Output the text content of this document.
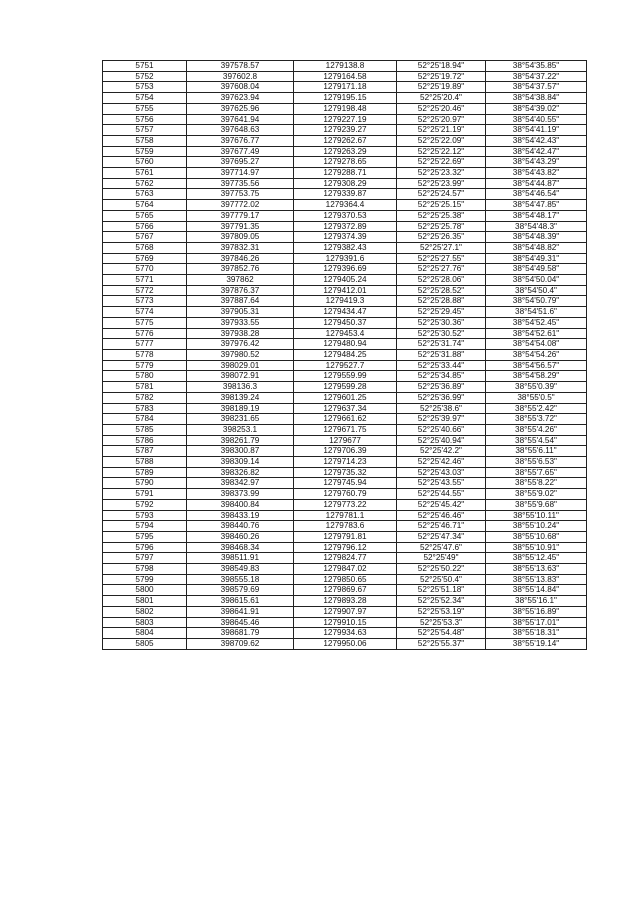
5751	397578.57	1279138.8	52°25'18.94"	38°54'35.85"
5752	397602.8	1279164.58	52°25'19.72"	38°54'37.22"
5753	397608.04	1279171.18	52°25'19.89"	38°54'37.57"
5754	397623.94	1279195.15	52°25'20.4"	38°54'38.84"
5755	397625.96	1279198.48	52°25'20.46"	38°54'39.02"
5756	397641.94	1279227.19	52°25'20.97"	38°54'40.55"
5757	397648.63	1279239.27	52°25'21.19"	38°54'41.19"
5758	397676.77	1279262.67	52°25'22.09"	38°54'42.43"
5759	397677.49	1279263.29	52°25'22.12"	38°54'42.47"
5760	397695.27	1279278.65	52°25'22.69"	38°54'43.29"
5761	397714.97	1279288.71	52°25'23.32"	38°54'43.82"
5762	397735.56	1279308.29	52°25'23.99"	38°54'44.87"
5763	397753.75	1279339.87	52°25'24.57"	38°54'46.54"
5764	397772.02	1279364.4	52°25'25.15"	38°54'47.85"
5765	397779.17	1279370.53	52°25'25.38"	38°54'48.17"
5766	397791.35	1279372.89	52°25'25.78"	38°54'48.3"
5767	397809.05	1279374.39	52°25'26.35"	38°54'48.39"
5768	397832.31	1279382.43	52°25'27.1"	38°54'48.82"
5769	397846.26	1279391.6	52°25'27.55"	38°54'49.31"
5770	397852.76	1279396.69	52°25'27.76"	38°54'49.58"
5771	397862	1279405.24	52°25'28.06"	38°54'50.04"
5772	397876.37	1279412.01	52°25'28.52"	38°54'50.4"
5773	397887.64	1279419.3	52°25'28.88"	38°54'50.79"
5774	397905.31	1279434.47	52°25'29.45"	38°54'51.6"
5775	397933.55	1279450.37	52°25'30.36"	38°54'52.45"
5776	397938.28	1279453.4	52°25'30.52"	38°54'52.61"
5777	397976.42	1279480.94	52°25'31.74"	38°54'54.08"
5778	397980.52	1279484.25	52°25'31.88"	38°54'54.26"
5779	398029.01	1279527.7	52°25'33.44"	38°54'56.57"
5780	398072.91	1279559.99	52°25'34.85"	38°54'58.29"
5781	398136.3	1279599.28	52°25'36.89"	38°55'0.39"
5782	398139.24	1279601.25	52°25'36.99"	38°55'0.5"
5783	398189.19	1279637.34	52°25'38.6"	38°55'2.42"
5784	398231.65	1279661.62	52°25'39.97"	38°55'3.72"
5785	398253.1	1279671.75	52°25'40.66"	38°55'4.26"
5786	398261.79	1279677	52°25'40.94"	38°55'4.54"
5787	398300.87	1279706.39	52°25'42.2"	38°55'6.11"
5788	398309.14	1279714.23	52°25'42.46"	38°55'6.53"
5789	398326.82	1279735.32	52°25'43.03"	38°55'7.65"
5790	398342.97	1279745.94	52°25'43.55"	38°55'8.22"
5791	398373.99	1279760.79	52°25'44.55"	38°55'9.02"
5792	398400.84	1279773.22	52°25'45.42"	38°55'9.68"
5793	398433.19	1279781.1	52°25'46.46"	38°55'10.11"
5794	398440.76	1279783.6	52°25'46.71"	38°55'10.24"
5795	398460.26	1279791.81	52°25'47.34"	38°55'10.68"
5796	398468.34	1279796.12	52°25'47.6"	38°55'10.91"
5797	398511.91	1279824.77	52°25'49"	38°55'12.45"
5798	398549.83	1279847.02	52°25'50.22"	38°55'13.63"
5799	398555.18	1279850.65	52°25'50.4"	38°55'13.83"
5800	398579.69	1279869.67	52°25'51.18"	38°55'14.84"
5801	398615.61	1279893.28	52°25'52.34"	38°55'16.1"
5802	398641.91	1279907.97	52°25'53.19"	38°55'16.89"
5803	398645.46	1279910.15	52°25'53.3"	38°55'17.01"
5804	398681.79	1279934.63	52°25'54.48"	38°55'18.31"
5805	398709.62	1279950.06	52°25'55.37"	38°55'19.14"
